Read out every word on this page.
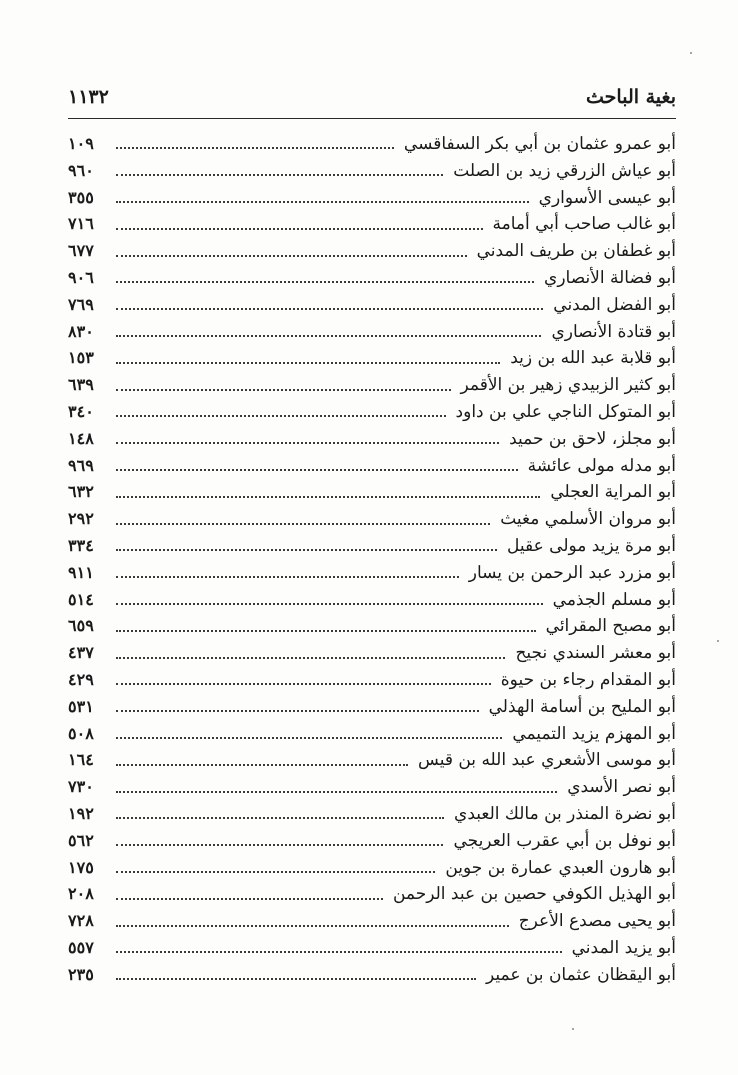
بغية الباحث
١١٣٢
أبو عمرو عثمان بن أبي بكر السفاقسي
١٠٩
أبو عياش الزرقي زيد بن الصلت
٩٦٠
أبو عيسى الأسواري
٣٥٥
أبو غالب صاحب أبي أمامة
٧١٦
أبو غطفان بن طريف المدني
٦٧٧
أبو فضالة الأنصاري
٩٠٦
أبو الفضل المدني
٧٦٩
أبو قتادة الأنصاري
٨٣٠
أبو قلابة عبد الله بن زيد
١٥٣
أبو كثير الزبيدي زهير بن الأقمر
٦٣٩
أبو المتوكل الناجي علي بن داود
٣٤٠
أبو مجلز، لاحق بن حميد
١٤٨
أبو مدله مولى عائشة
٩٦٩
أبو المراية العجلي
٦٣٢
أبو مروان الأسلمي مغيث
٢٩٢
أبو مرة يزيد مولى عقيل
٣٣٤
أبو مزرد عبد الرحمن بن يسار
٩١١
أبو مسلم الجذمي
٥١٤
أبو مصبح المقرائي
٦٥٩
أبو معشر السندي نجيح
٤٣٧
أبو المقدام رجاء بن حيوة
٤٢٩
أبو المليح بن أسامة الهذلي
٥٣١
أبو المهزم يزيد التميمي
٥٠٨
أبو موسى الأشعري عبد الله بن قيس
١٦٤
أبو نصر الأسدي
٧٣٠
أبو نضرة المنذر بن مالك العبدي
١٩٢
أبو نوفل بن أبي عقرب العريجي
٥٦٢
أبو هارون العبدي عمارة بن جوين
١٧٥
أبو الهذيل الكوفي حصين بن عبد الرحمن
٢٠٨
أبو يحيى مصدع الأعرج
٧٢٨
أبو يزيد المدني
٥٥٧
أبو اليقظان عثمان بن عمير
٢٣٥
